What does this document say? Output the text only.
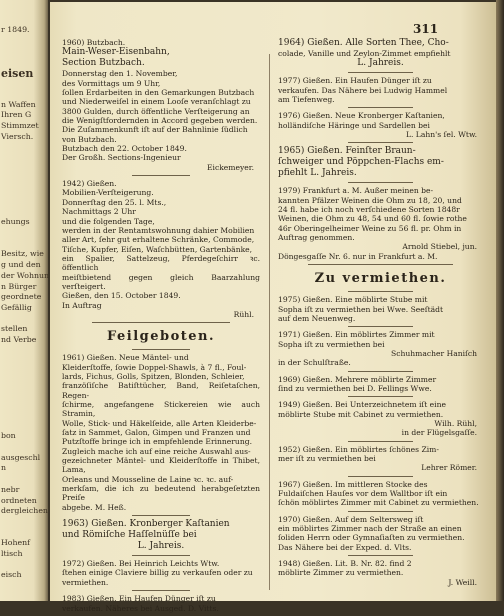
r 1849.
eisen
n Waffen
Ihren G
Stimmzet
Viersch.
ehungs
Besitz, wie
g und den
der Wohnun
n Bürger
geordnete
Gefällig
stellen
nd Verbe
bon
ausgeschl
n
nebr
ordneten
dergleichen
Hohenf
ltisch
eisch
311

1960) Butzbach.

Main-Weser-Eisenbahn,

Section Butzbach.

Donnerstag den 1. November,

des Vormittags um 9 Uhr,

ſollen Erdarbeiten in den Gemarkungen Butzbach

und Niederweiſel in einem Looſe veranſchlagt zu

3800 Gulden, durch öffentliche Verſteigerung an

die Wenigſtfordernden in Accord gegeben werden.

Die Zuſammenkunft iſt auf der Bahnlinie ſüdlich

von Butzbach.

Butzbach den 22. October 1849.

Der Großh. Sections-Ingenieur

Eickemeyer.

1942) Gießen.

Mobilien-Verſteigerung.

Donnerſtag den 25. l. Mts.,

Nachmittags 2 Uhr

und die folgenden Tage,

werden in der Rentamtswohnung dahier Mobilien

aller Art, ſehr gut erhaltene Schränke, Commode,

Tiſche, Kupfer, Eiſen, Waſchbütten, Gartenbänke,

ein Spalier, Sattelzeug, Pferdegeſchirr ꝛc. öffentlich

meiſtbietend gegen gleich Baarzahlung verſteigert.

Gießen, den 15. October 1849.

In Auftrag

Rühl.

Feilgeboten.

1961) Gießen. Neue Mäntel- und

Kleiderſtoffe, ſowie Doppel-Shawls, à 7 fl., Foul-

lards, Fichus, Golls, Spitzen, Blonden, Schleier,

franzöſiſche Batiſttücher, Band, Reiſetaſchen, Regen-

ſchirme, angefangene Stickereien wie auch Stramin,

Wolle, Stick- und Häkelſeide, alle Arten Kleiderbe-

ſatz in Sammet, Galon, Gimpen und Franzen und

Putzſtoffe bringe ich in empfehlende Erinnerung.

Zugleich mache ich auf eine reiche Auswahl aus-

gezeichneter Mäntel- und Kleiderſtoffe in Thibet, Lama,

Orleans und Mousseline de Laine ꝛc. ꝛc. auf-

merkſam, die ich zu bedeutend herabgeſetzten Preiſe

abgebe. M. Heß.

1963) Gießen. Kronberger Kaſtanien

und Römiſche Haſſelnüſſe bei

L. Jahreis.

1972) Gießen. Bei Heinrich Leichts Wtw.

ſtehen einige Claviere billig zu verkaufen oder zu

vermiethen.

1983) Gießen. Ein Haufen Dünger iſt zu

verkaufen. Näheres bei Ausged. D. Vitts.

1964) Gießen. Alle Sorten Thee, Cho-

colade, Vanille und Zeylon-Zimmet empfiehlt

L. Jahreis.

1977) Gießen. Ein Haufen Dünger iſt zu

verkaufen. Das Nähere bei Ludwig Hammel

am Tiefenweg.

1976) Gießen. Neue Kronberger Kaſtanien,

holländiſche Häringe und Sardellen bei

L. Lahn's ſel. Wtw.

1965) Gießen. Feinſter Braun-

ſchweiger und Pöppchen-Flachs em-

pfiehlt L. Jahreis.

1979) Frankfurt a. M. Außer meinen be-

kannten Pfälzer Weinen die Ohm zu 18, 20, und

24 fl. habe ich noch verſchiedene Sorten 1848r

Weinen, die Ohm zu 48, 54 und 60 fl. ſowie rothe

46r Oberingelheimer Weine zu 56 fl. pr. Ohm in

Auftrag genommen.

Arnold Stiebel, jun.

Döngesgaſſe Nr. 6. nur in Frankfurt a. M.

Zu vermiethen.

1975) Gießen. Eine möblirte Stube mit

Sopha iſt zu vermiethen bei Wwe. Seeſtädt

auf dem Neuenweg.

1971) Gießen. Ein möblirtes Zimmer mit

Sopha iſt zu vermiethen bei

Schuhmacher Haniſch

in der Schulſtraße.

1969) Gießen. Mehrere möblirte Zimmer

ſind zu vermiethen bei D. Fellings Wwe.

1949) Gießen. Bei Unterzeichnetem iſt eine

möblirte Stube mit Cabinet zu vermiethen.

Wilh. Rühl,

in der Flügelsgaſſe.

1952) Gießen. Ein möblirtes ſchönes Zim-

mer iſt zu vermiethen bei

Lehrer Römer.

1967) Gießen. Im mittleren Stocke des

Fuldaiſchen Hauſes vor dem Walltbor iſt ein

ſchön möblirtes Zimmer mit Cabinet zu vermiethen.

1970) Gießen. Auf dem Seltersweg iſt

ein möblirtes Zimmer nach der Straße an einen

ſoliden Herrn oder Gymnaſiaſten zu vermiethen.

Das Nähere bei der Exped. d. Vlts.

1948) Gießen. Lit. B. Nr. 82. find 2

möblirte Zimmer zu vermiethen.

J. Weill.
